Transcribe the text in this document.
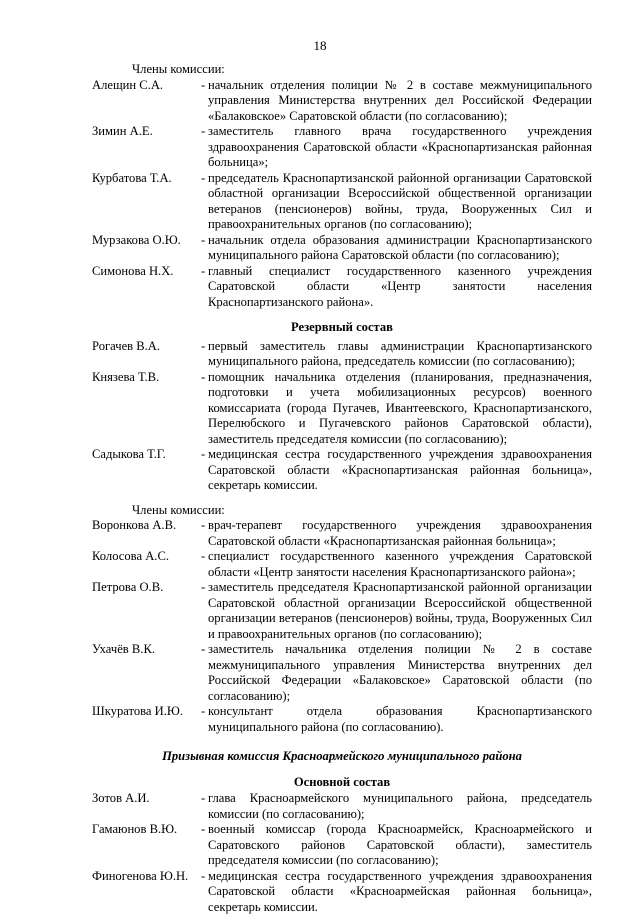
18

Члены комиссии:

Алещин С.А.	- начальник отделения полиции № 2 в составе межмуниципального управления Министерства внутренних дел Российской Федерации «Балаковское» Саратовской области (по согласованию);
Зимин А.Е.	- заместитель главного врача государственного учреждения здравоохранения Саратовской области «Краснопартизанская районная больница»;
Курбатова Т.А.	- председатель Краснопартизанской районной организации Саратовской областной организации Всероссийской общественной организации ветеранов (пенсионеров) войны, труда, Вооруженных Сил и правоохранительных органов (по согласованию);
Мурзакова О.Ю.	- начальник отдела образования администрации Краснопартизанского муниципального района Саратовской области (по согласованию);
Симонова Н.Х.	- главный специалист государственного казенного учреждения Саратовской области «Центр занятости населения Краснопартизанского района».

Резервный состав

Рогачев В.А.	- первый заместитель главы администрации Краснопартизанского муниципального района, председатель комиссии (по согласованию);
Князева Т.В.	- помощник начальника отделения (планирования, предназначения, подготовки и учета мобилизационных ресурсов) военного комиссариата (города Пугачев, Ивантеевского, Краснопартизанского, Перелюбского и Пугачевского районов Саратовской области), заместитель председателя комиссии (по согласованию);
Садыкова Т.Г.	- медицинская сестра государственного учреждения здравоохранения Саратовской области «Краснопартизанская районная больница», секретарь комиссии.

Члены комиссии:

Воронкова А.В.	- врач-терапевт государственного учреждения здравоохранения Саратовской области «Краснопартизанская районная больница»;
Колосова А.С.	- специалист государственного казенного учреждения Саратовской области «Центр занятости населения Краснопартизанского района»;
Петрова О.В.	- заместитель председателя Краснопартизанской районной организации Саратовской областной организации Всероссийской общественной организации ветеранов (пенсионеров) войны, труда, Вооруженных Сил и правоохранительных органов (по согласованию);
Ухачёв В.К.	- заместитель начальника отделения полиции № 2 в составе межмуниципального управления Министерства внутренних дел Российской Федерации «Балаковское» Саратовской области (по согласованию);
Шкуратова И.Ю.	- консультант отдела образования Краснопартизанского муниципального района (по согласованию).

Призывная комиссия Красноармейского муниципального района

Основной состав

Зотов А.И.	- глава Красноармейского муниципального района, председатель комиссии (по согласованию);
Гамаюнов В.Ю.	- военный комиссар (города Красноармейск, Красноармейского и Саратовского районов Саратовской области), заместитель председателя комиссии (по согласованию);
Финогенова Ю.Н.	- медицинская сестра государственного учреждения здравоохранения Саратовской области «Красноармейская районная больница», секретарь комиссии.
